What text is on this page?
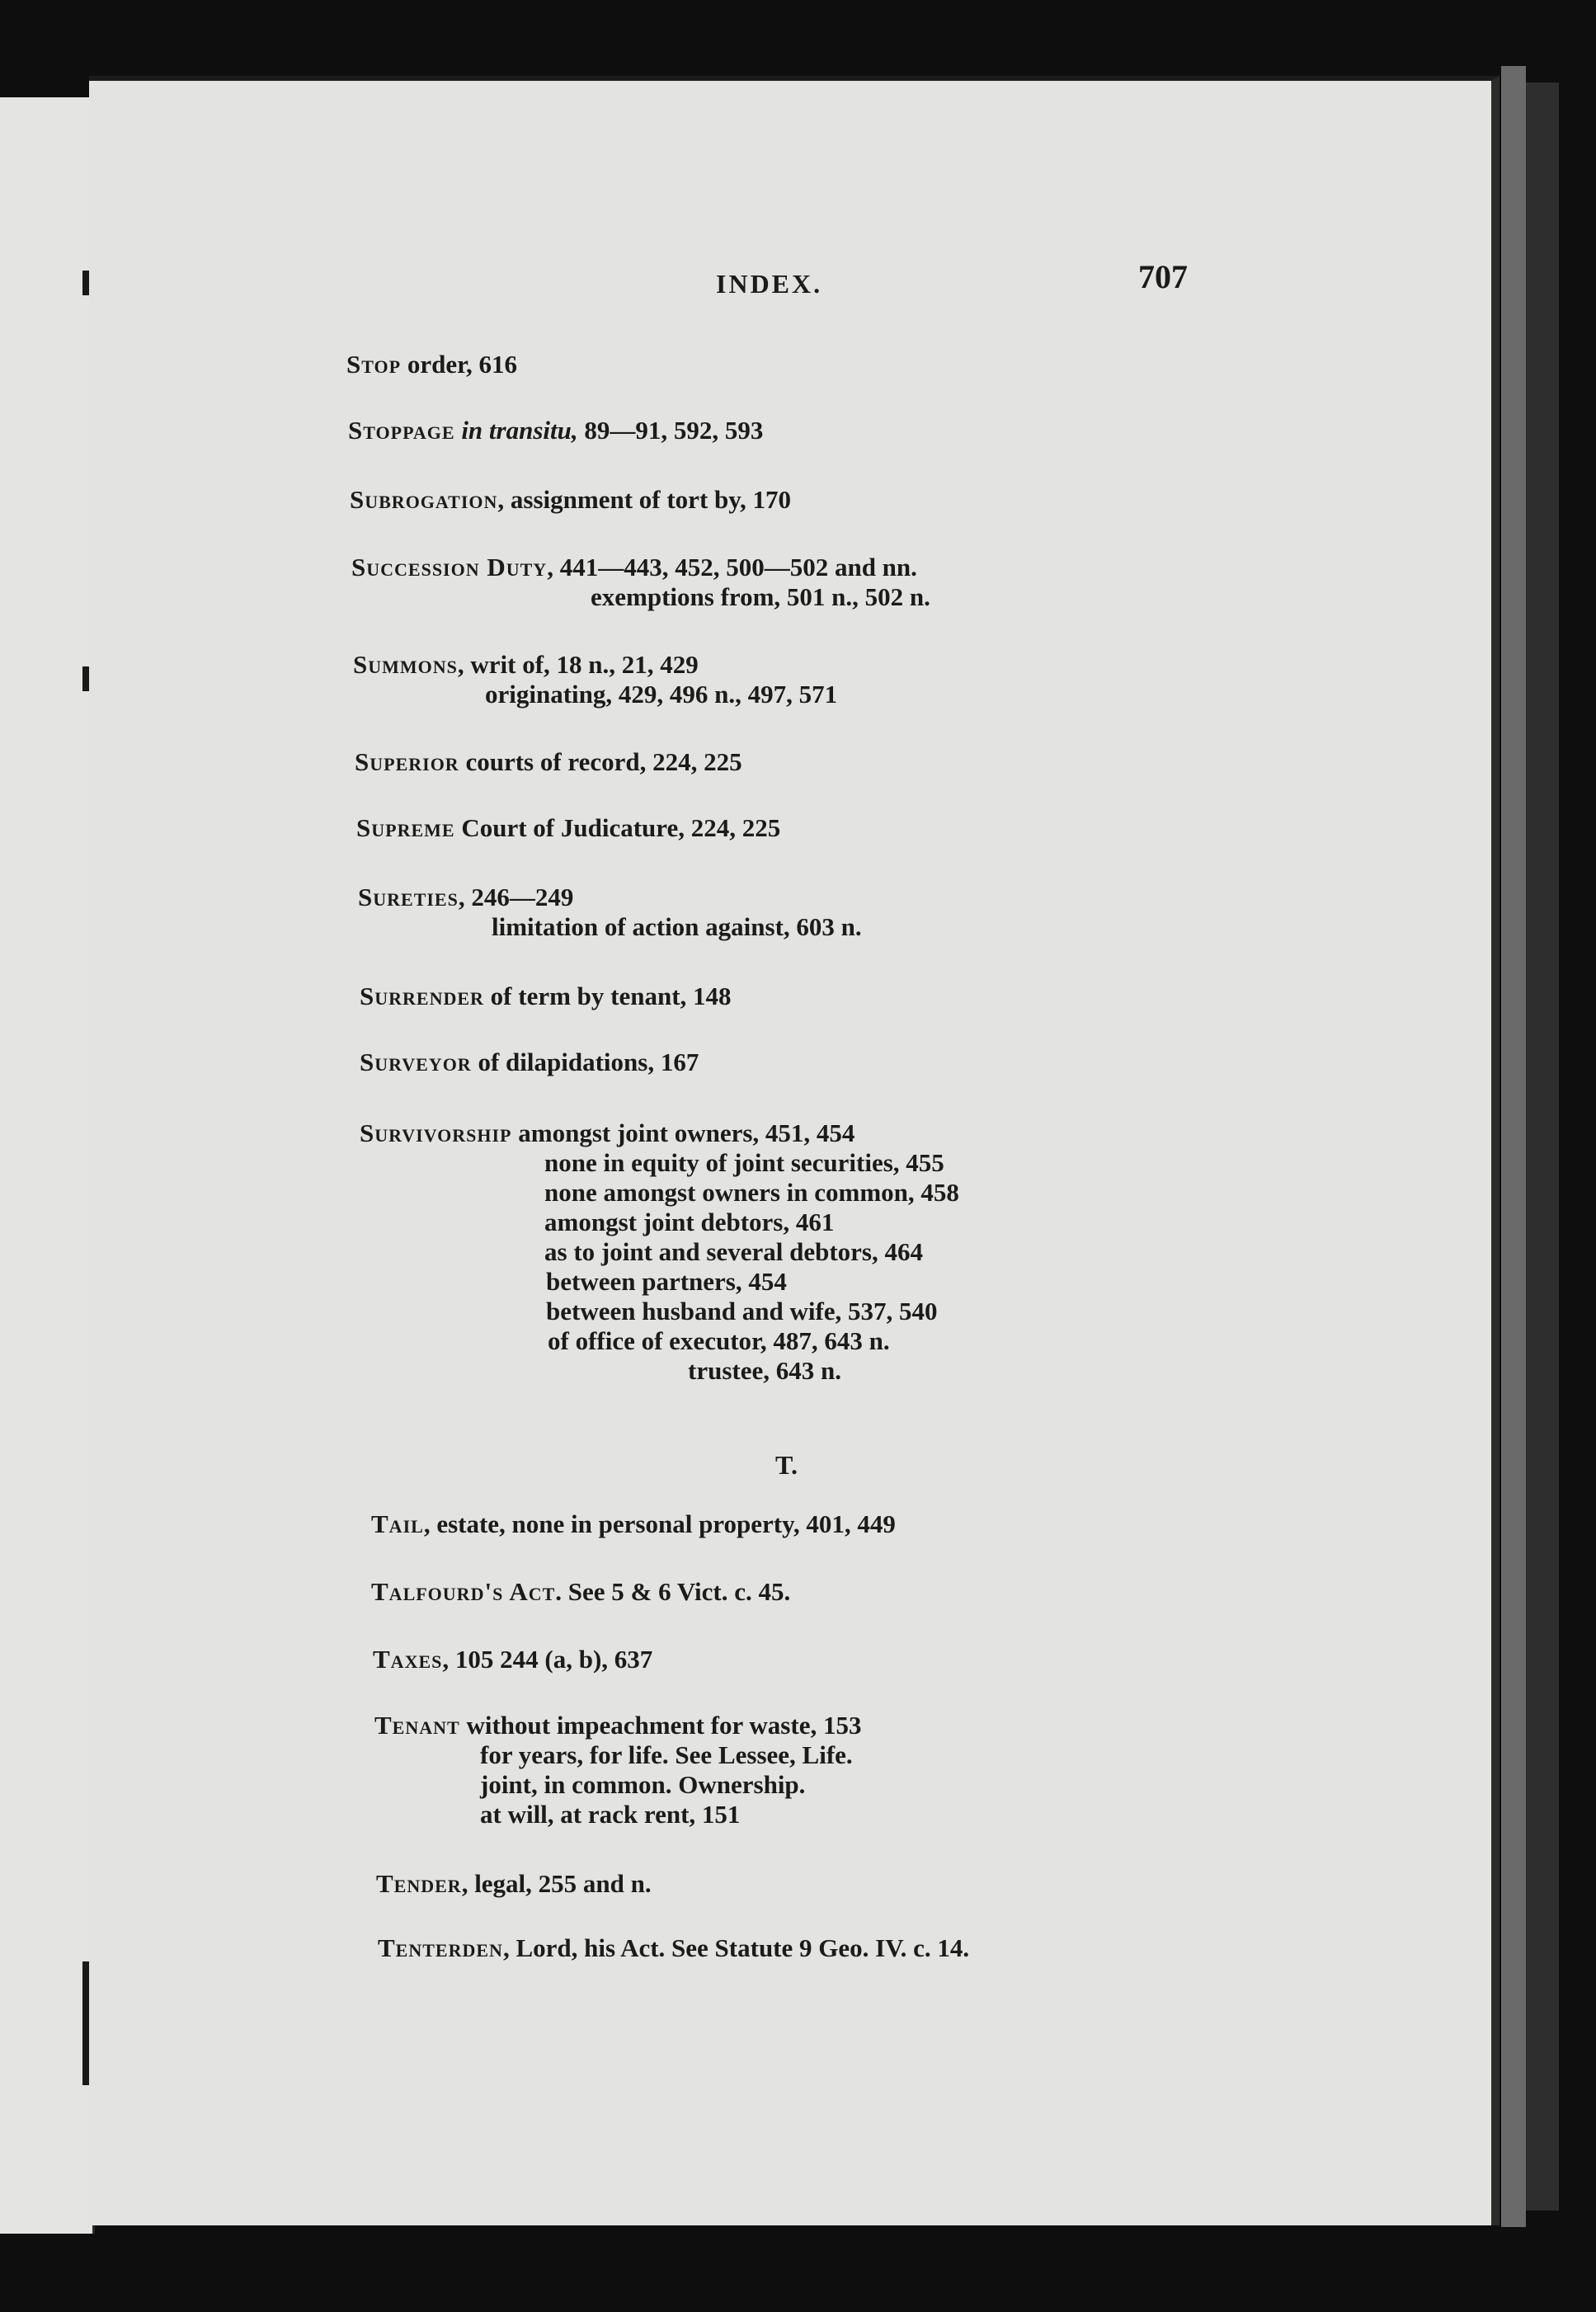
INDEX.	707
Stop order, 616
Stoppage in transitu, 89—91, 592, 593
Subrogation, assignment of tort by, 170
Succession Duty, 441—443, 452, 500—502 and nn.
exemptions from, 501 n., 502 n.
Summons, writ of, 18 n., 21, 429
originating, 429, 496 n., 497, 571
Superior courts of record, 224, 225
Supreme Court of Judicature, 224, 225
Sureties, 246—249
limitation of action against, 603 n.
Surrender of term by tenant, 148
Surveyor of dilapidations, 167
Survivorship amongst joint owners, 451, 454
none in equity of joint securities, 455
none amongst owners in common, 458
amongst joint debtors, 461
as to joint and several debtors, 464
between partners, 454
between husband and wife, 537, 540
of office of executor, 487, 643 n.
trustee, 643 n.
T.
Tail, estate, none in personal property, 401, 449
Talfourd's Act. See 5 & 6 Vict. c. 45.
Taxes, 105 244 (a, b), 637
Tenant without impeachment for waste, 153
for years, for life. See Lessee, Life.
joint, in common. Ownership.
at will, at rack rent, 151
Tender, legal, 255 and n.
Tenterden, Lord, his Act. See Statute 9 Geo. IV. c. 14.
